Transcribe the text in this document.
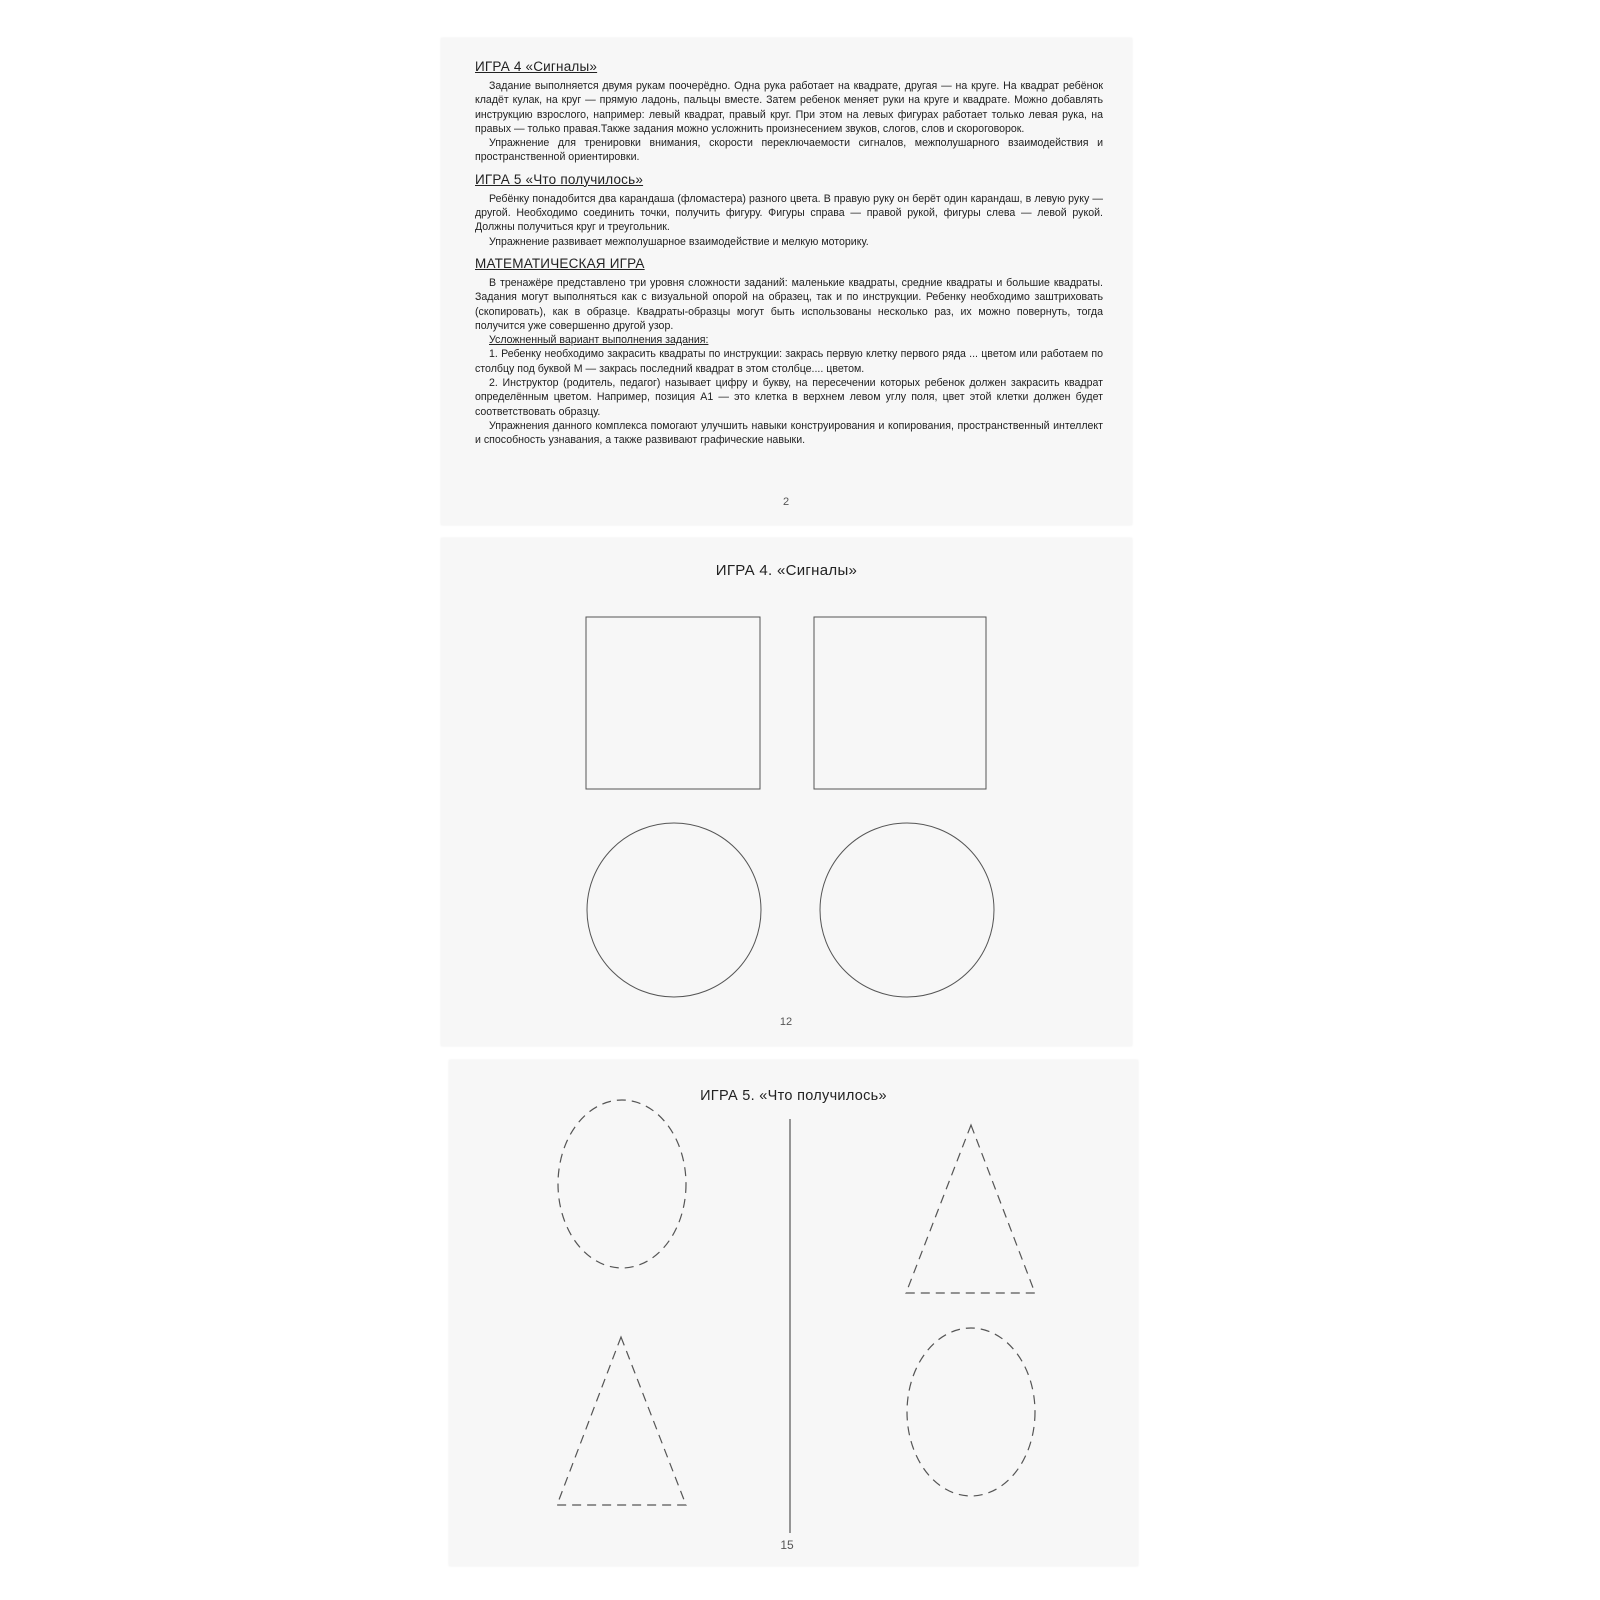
ИГРА 4 «Сигналы»

Задание выполняется двумя рукам поочерёдно. Одна рука работает на квадрате, другая — на круге. На квадрат ребёнок кладёт кулак, на круг — прямую ладонь, пальцы вместе. Затем ребенок меняет руки на круге и квадрате. Можно добавлять инструкцию взрослого, например: левый квадрат, правый круг. При этом на левых фигурах работает только левая рука, на правых — только правая.Также задания можно усложнить произнесением звуков, слогов, слов и скороговорок.

Упражнение для тренировки внимания, скорости переключаемости сигналов, межполушарного взаимодействия и пространственной ориентировки.

ИГРА 5 «Что получилось»

Ребёнку понадобится два карандаша (фломастера) разного цвета. В правую руку он берёт один карандаш, в левую руку — другой. Необходимо соединить точки, получить фигуру. Фигуры справа — правой рукой, фигуры слева — левой рукой. Должны получиться круг и треугольник.

Упражнение развивает межполушарное взаимодействие и мелкую моторику.

МАТЕМАТИЧЕСКАЯ ИГРА

В тренажёре представлено три уровня сложности заданий: маленькие квадраты, средние квадраты и большие квадраты. Задания могут выполняться как с визуальной опорой на образец, так и по инструкции. Ребенку необходимо заштриховать (скопировать), как в образце. Квадраты-образцы могут быть использованы несколько раз, их можно повернуть, тогда получится уже совершенно другой узор.

Усложненный вариант выполнения задания:

1. Ребенку необходимо закрасить квадраты по инструкции: закрась первую клетку первого ряда ... цветом или работаем по столбцу под буквой М — закрась последний квадрат в этом столбце.... цветом.

2. Инструктор (родитель, педагог) называет цифру и букву, на пересечении которых ребенок должен закрасить квадрат определённым цветом. Например, позиция А1 — это клетка в верхнем левом углу поля, цвет этой клетки должен будет соответствовать образцу.

Упражнения данного комплекса помогают улучшить навыки конструирования и копирования, пространственный интеллект и способность узнавания, а также развивают графические навыки.

2
ИГРА 4. «Сигналы»
12
ИГРА 5. «Что получилось»
15
